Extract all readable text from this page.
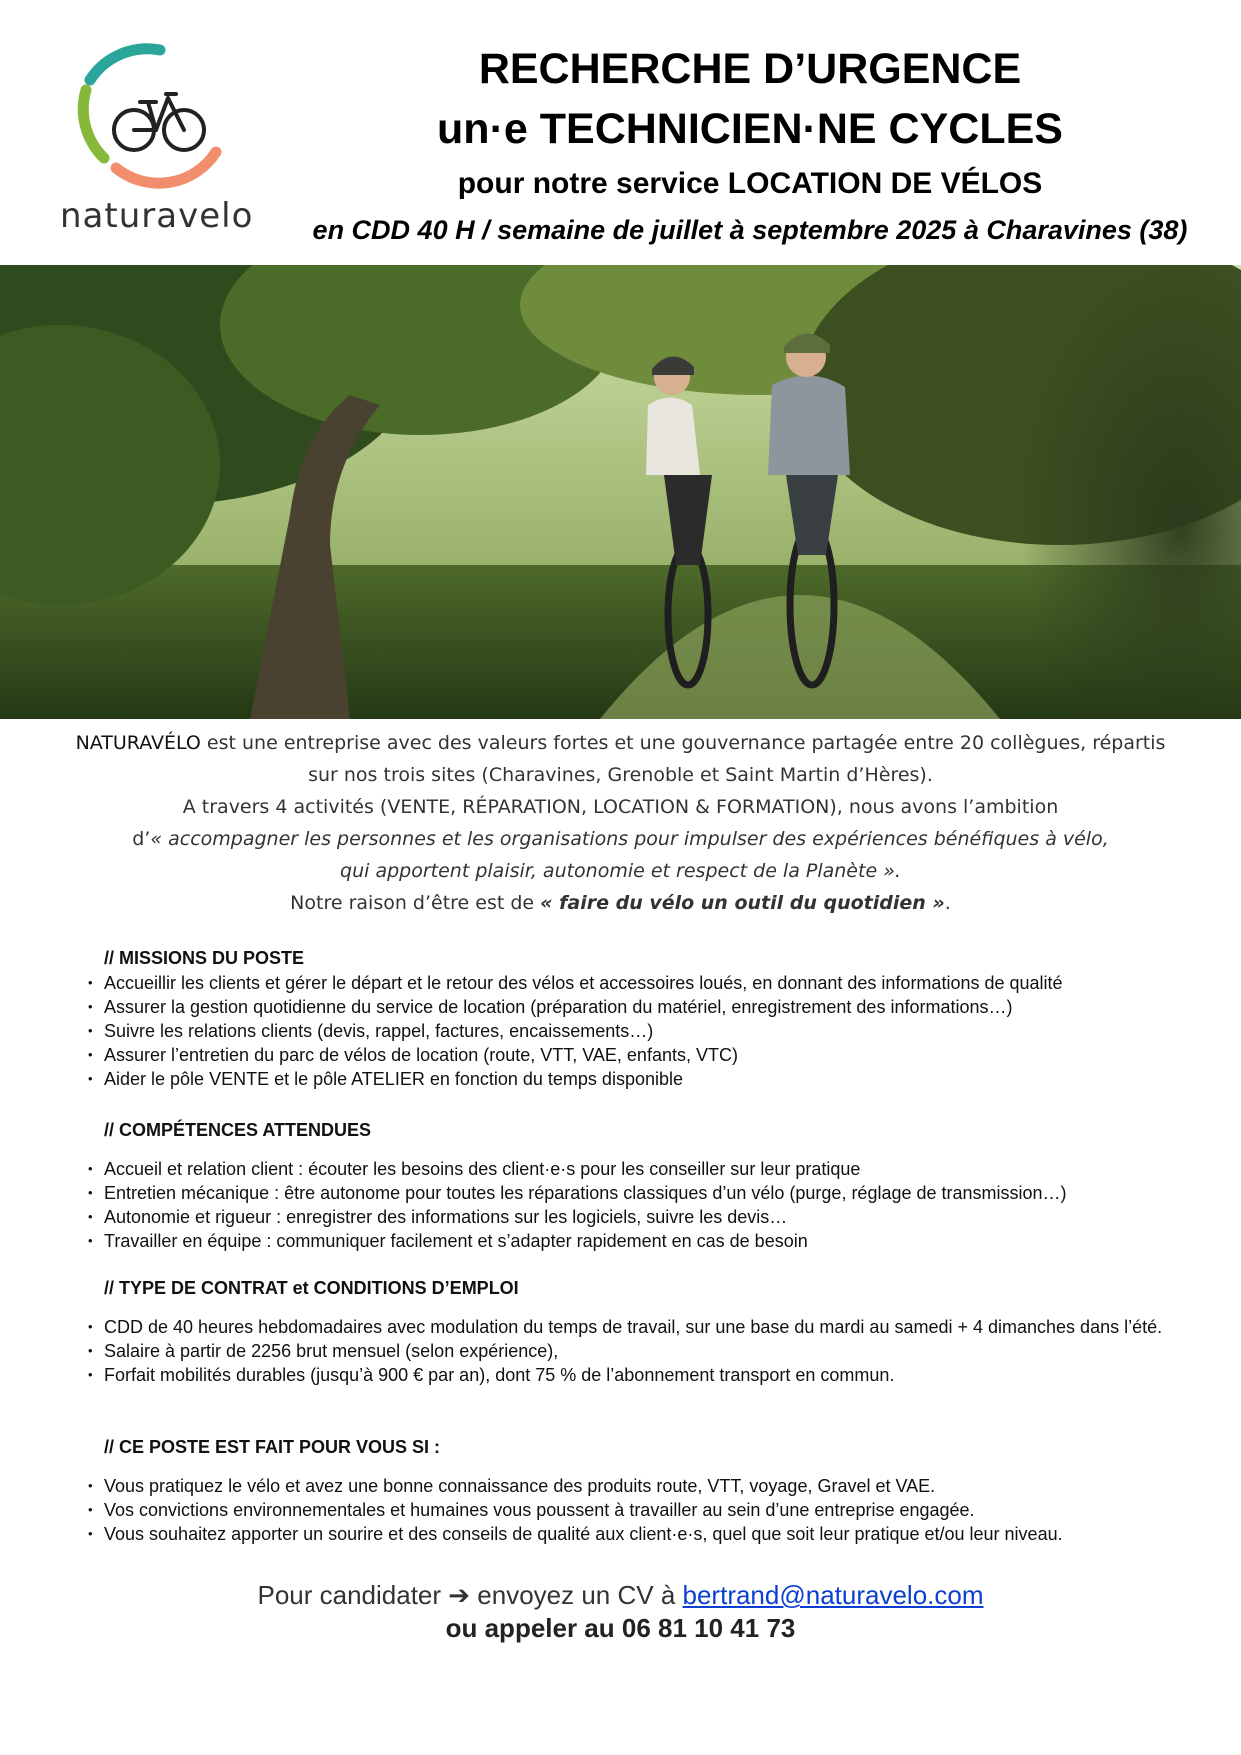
naturavelo
RECHERCHE D’URGENCE
un·e TECHNICIEN·NE CYCLES
pour notre service LOCATION DE VÉLOS
en CDD 40 H / semaine de juillet à septembre 2025 à Charavines (38)
NATURAVÉLO est une entreprise avec des valeurs fortes et une gouvernance partagée entre 20 collègues, répartis sur nos trois sites (Charavines, Grenoble et Saint Martin d’Hères).
A travers 4 activités (VENTE, RÉPARATION, LOCATION & FORMATION), nous avons l’ambition
d’« accompagner les personnes et les organisations pour impulser des expériences bénéfiques à vélo,
qui apportent plaisir, autonomie et respect de la Planète ».
Notre raison d’être est de « faire du vélo un outil du quotidien ».
// MISSIONS DU POSTE
• Accueillir les clients et gérer le départ et le retour des vélos et accessoires loués, en donnant des informations de qualité
• Assurer la gestion quotidienne du service de location (préparation du matériel, enregistrement des informations…)
• Suivre les relations clients (devis, rappel, factures, encaissements…)
• Assurer l’entretien du parc de vélos de location (route, VTT, VAE, enfants, VTC)
• Aider le pôle VENTE et le pôle ATELIER en fonction du temps disponible
// COMPÉTENCES ATTENDUES
• Accueil et relation client : écouter les besoins des client·e·s pour les conseiller sur leur pratique
• Entretien mécanique : être autonome pour toutes les réparations classiques d’un vélo (purge, réglage de transmission…)
• Autonomie et rigueur : enregistrer des informations sur les logiciels, suivre les devis…
• Travailler en équipe : communiquer facilement et s’adapter rapidement en cas de besoin
// TYPE DE CONTRAT et CONDITIONS D’EMPLOI
• CDD de 40 heures hebdomadaires avec modulation du temps de travail, sur une base du mardi au samedi + 4 dimanches dans l’été.
• Salaire à partir de 2256 brut mensuel (selon expérience),
• Forfait mobilités durables (jusqu’à 900 € par an), dont 75 % de l’abonnement transport en commun.
// CE POSTE EST FAIT POUR VOUS SI :
• Vous pratiquez le vélo et avez une bonne connaissance des produits route, VTT, voyage, Gravel et VAE.
• Vos convictions environnementales et humaines vous poussent à travailler au sein d’une entreprise engagée.
• Vous souhaitez apporter un sourire et des conseils de qualité aux client·e·s, quel que soit leur pratique et/ou leur niveau.
Pour candidater ➔ envoyez un CV à bertrand@naturavelo.com
ou appeler au 06 81 10 41 73
